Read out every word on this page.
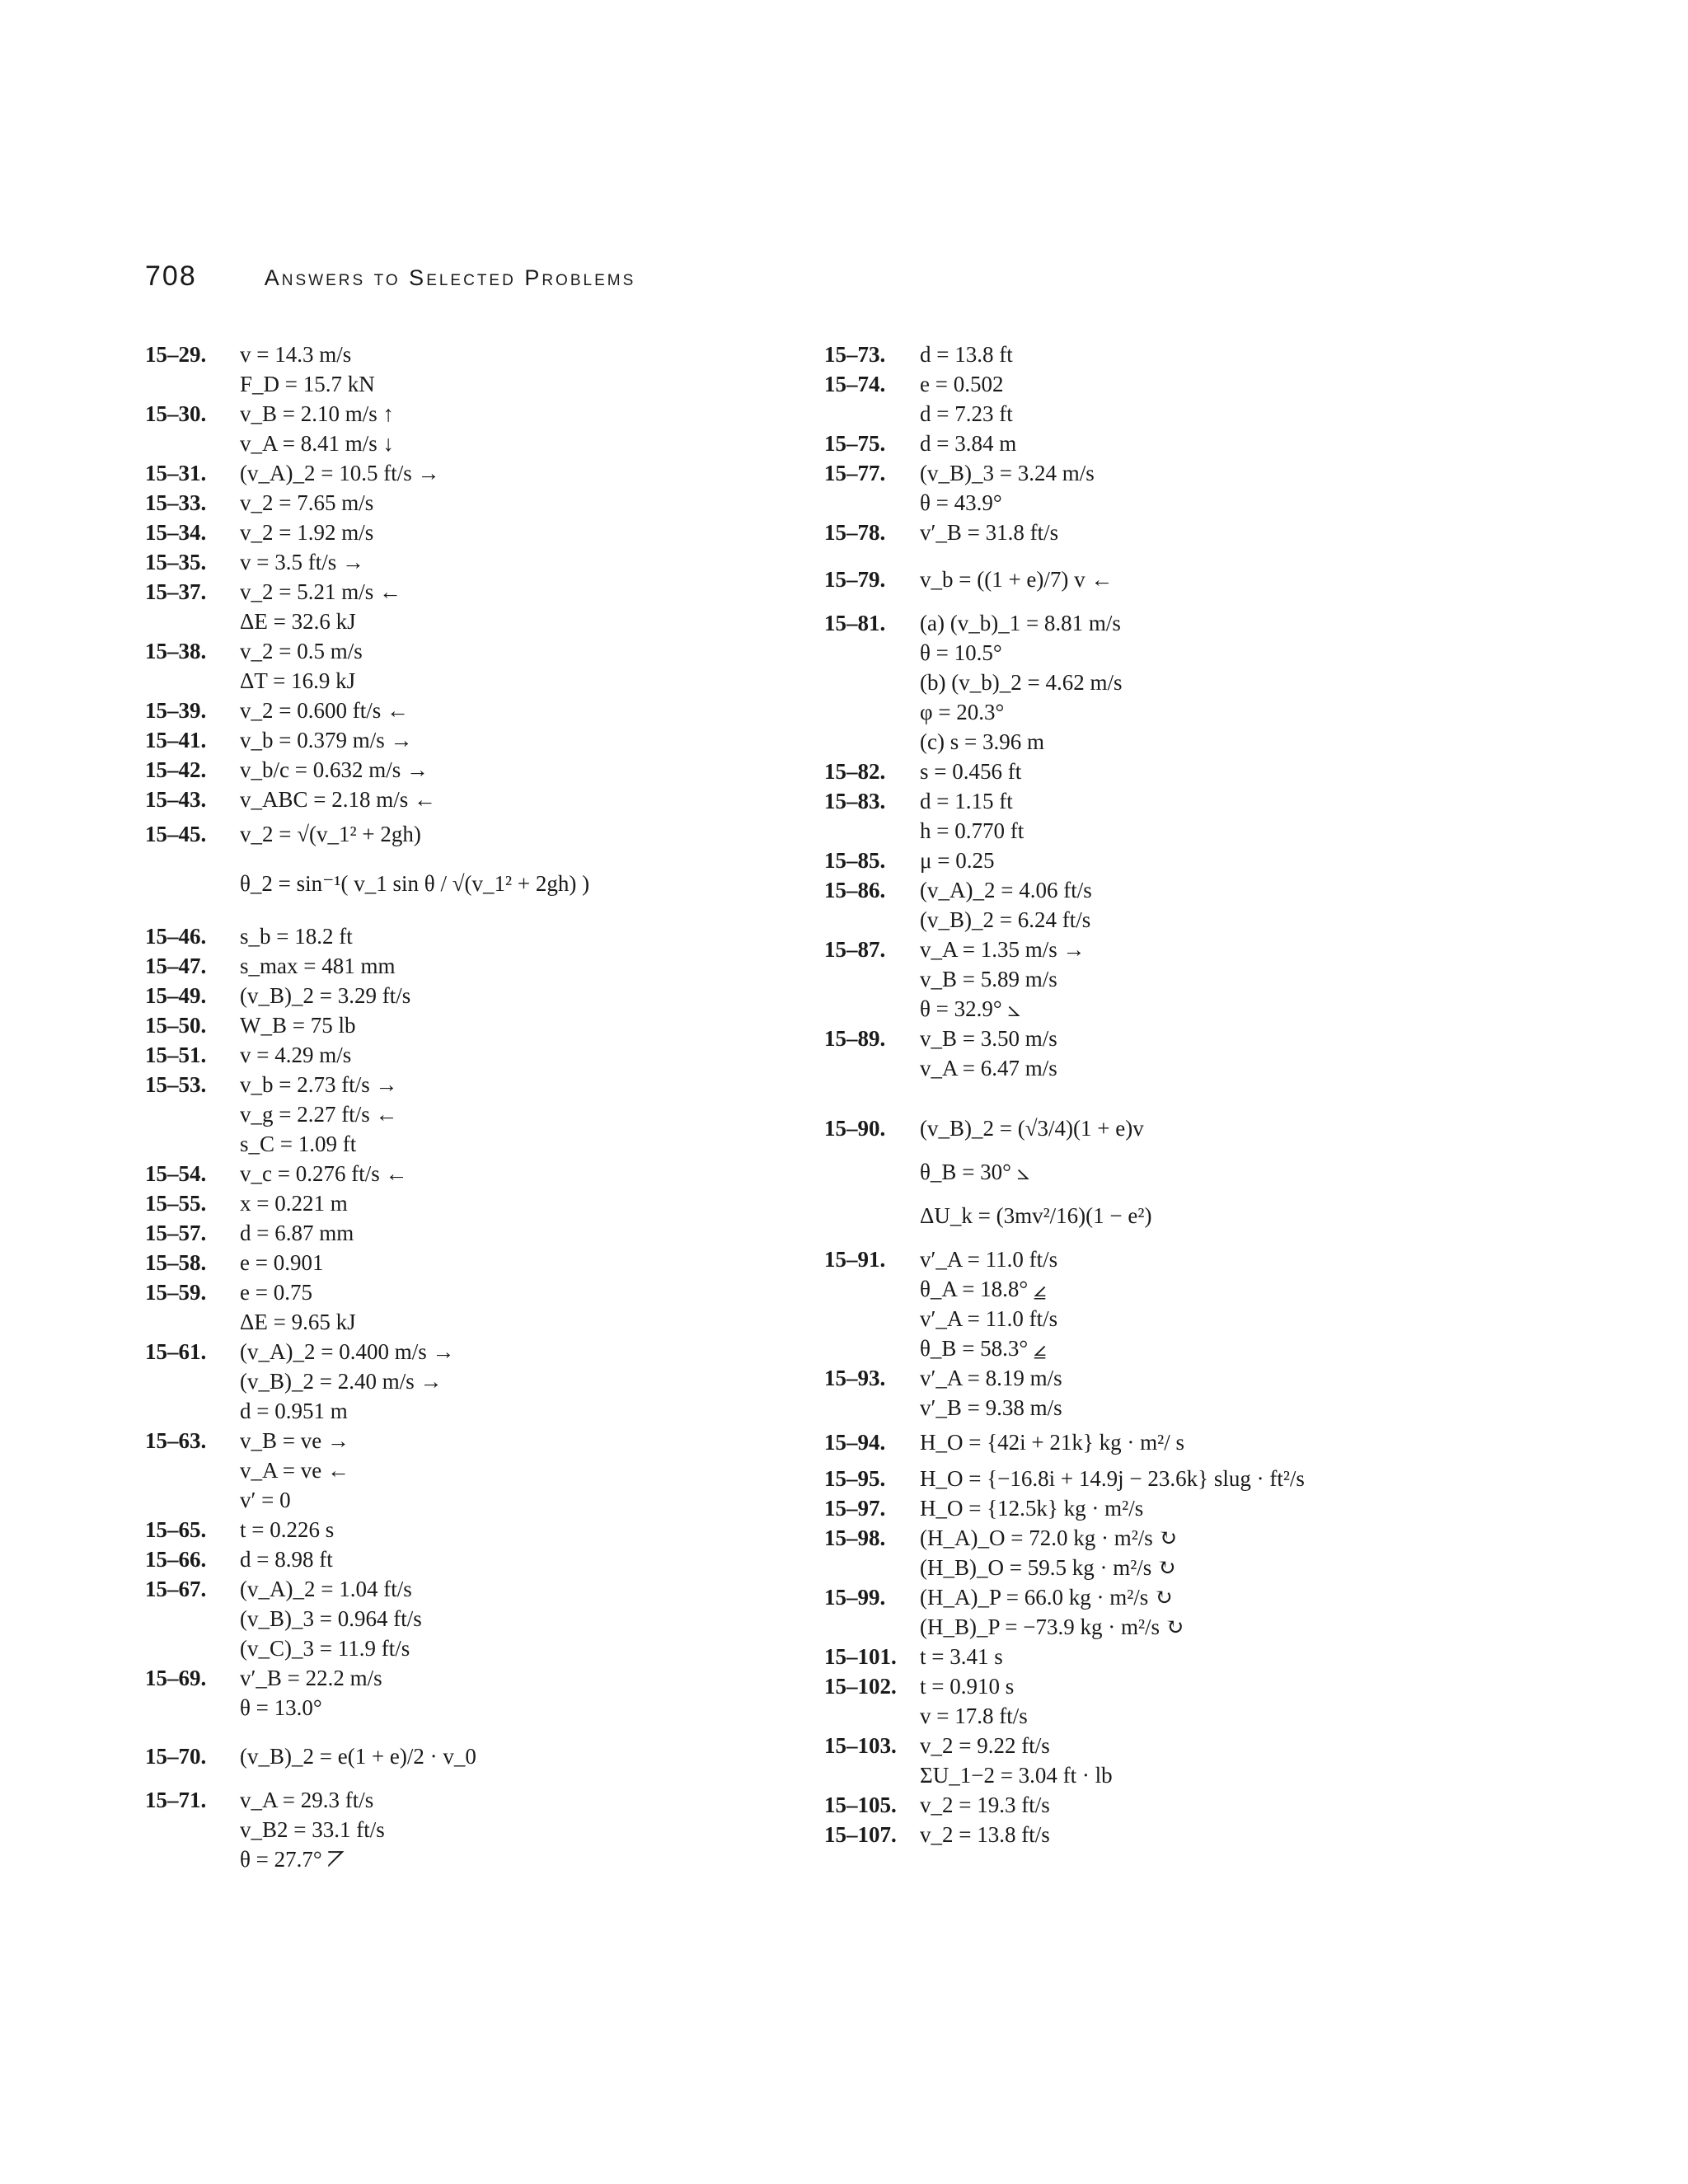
708	Answers to Selected Problems
15–29.	v = 14.3 m/s
F_D = 15.7 kN
15–30.	v_B = 2.10 m/s ↑
v_A = 8.41 m/s ↓
15–31.	(v_A)_2 = 10.5 ft/s →
15–33.	v_2 = 7.65 m/s
15–34.	v_2 = 1.92 m/s
15–35.	v = 3.5 ft/s →
15–37.	v_2 = 5.21 m/s ←
ΔE = 32.6 kJ
15–38.	v_2 = 0.5 m/s
ΔT = 16.9 kJ
15–39.	v_2 = 0.600 ft/s ←
15–41.	v_b = 0.379 m/s →
15–42.	v_b/c = 0.632 m/s →
15–43.	v_ABC = 2.18 m/s ←
15–45.	v_2 = √(v_1² + 2gh)
θ_2 = sin⁻¹( v_1 sin θ / √(v_1² + 2gh) )
15–46.	s_b = 18.2 ft
15–47.	s_max = 481 mm
15–49.	(v_B)_2 = 3.29 ft/s
15–50.	W_B = 75 lb
15–51.	v = 4.29 m/s
15–53.	v_b = 2.73 ft/s →
v_g = 2.27 ft/s ←
s_C = 1.09 ft
15–54.	v_c = 0.276 ft/s ←
15–55.	x = 0.221 m
15–57.	d = 6.87 mm
15–58.	e = 0.901
15–59.	e = 0.75
ΔE = 9.65 kJ
15–61.	(v_A)_2 = 0.400 m/s →
(v_B)_2 = 2.40 m/s →
d = 0.951 m
15–63.	v_B = ve →
v_A = ve ←
v′ = 0
15–65.	t = 0.226 s
15–66.	d = 8.98 ft
15–67.	(v_A)_2 = 1.04 ft/s
(v_B)_3 = 0.964 ft/s
(v_C)_3 = 11.9 ft/s
15–69.	v′_B = 22.2 m/s
θ = 13.0°
15–70.	(v_B)_2 = e(1 + e)/2 · v_0
15–71.	v_A = 29.3 ft/s
v_B2 = 33.1 ft/s
θ = 27.7° ⦢
15–73.	d = 13.8 ft
15–74.	e = 0.502
d = 7.23 ft
15–75.	d = 3.84 m
15–77.	(v_B)_3 = 3.24 m/s
θ = 43.9°
15–78.	v′_B = 31.8 ft/s
15–79.	v_b = ((1 + e)/7) v ←
15–81.	(a) (v_b)_1 = 8.81 m/s
θ = 10.5°
(b) (v_b)_2 = 4.62 m/s
φ = 20.3°
(c) s = 3.96 m
15–82.	s = 0.456 ft
15–83.	d = 1.15 ft
h = 0.770 ft
15–85.	μ = 0.25
15–86.	(v_A)_2 = 4.06 ft/s
(v_B)_2 = 6.24 ft/s
15–87.	v_A = 1.35 m/s →
v_B = 5.89 m/s
θ = 32.9° ⦣
15–89.	v_B = 3.50 m/s
v_A = 6.47 m/s
15–90.	(v_B)_2 = (√3/4)(1 + e)v
θ_B = 30° ⦣
ΔU_k = (3mv²/16)(1 − e²)
15–91.	v′_A = 11.0 ft/s
θ_A = 18.8° ⦤
v′_A = 11.0 ft/s
θ_B = 58.3° ⦤
15–93.	v′_A = 8.19 m/s
v′_B = 9.38 m/s
15–94.	H_O = {42i + 21k} kg · m²/ s
15–95.	H_O = {−16.8i + 14.9j − 23.6k} slug · ft²/s
15–97.	H_O = {12.5k} kg · m²/s
15–98.	(H_A)_O = 72.0 kg · m²/s ↻
(H_B)_O = 59.5 kg · m²/s ↻
15–99.	(H_A)_P = 66.0 kg · m²/s ↻
(H_B)_P = −73.9 kg · m²/s ↻
15–101.	t = 3.41 s
15–102.	t = 0.910 s
v = 17.8 ft/s
15–103.	v_2 = 9.22 ft/s
ΣU_1−2 = 3.04 ft · lb
15–105.	v_2 = 19.3 ft/s
15–107.	v_2 = 13.8 ft/s
